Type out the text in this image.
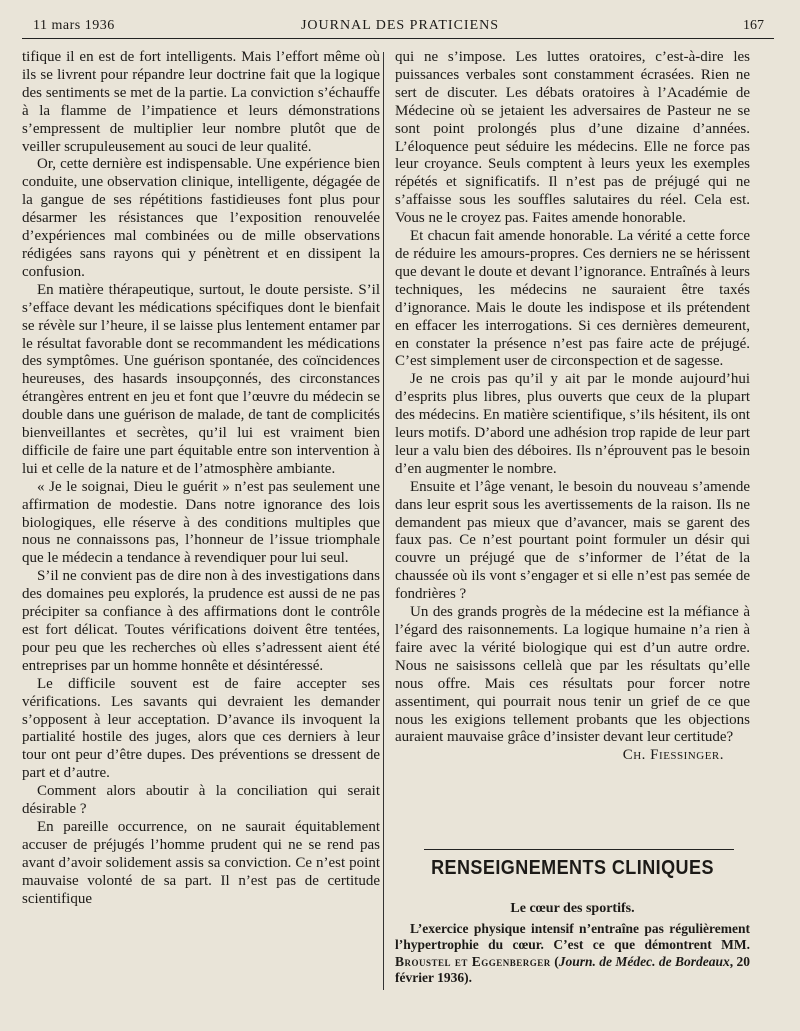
11 mars 1936	JOURNAL DES PRATICIENS	167

tifique il en est de fort intelligents. Mais l’effort même où ils se livrent pour répandre leur doctrine fait que la logique des sentiments se met de la partie. La conviction s’échauffe à la flamme de l’impatience et leurs démonstrations s’empressent de multiplier leur nombre plutôt que de veiller scrupuleusement au souci de leur qualité.

Or, cette dernière est indispensable. Une expérience bien conduite, une observation clinique, intelligente, dégagée de la gangue de ses répétitions fastidieuses font plus pour désarmer les résistances que l’exposition renouvelée d’expériences mal combinées ou de mille observations rédigées sans rayons qui y pénètrent et en dissipent la confusion.

En matière thérapeutique, surtout, le doute persiste. S’il s’efface devant les médications spécifiques dont le bienfait se révèle sur l’heure, il se laisse plus lentement entamer par le résultat favorable dont se recommandent les médications des symptômes. Une guérison spontanée, des coïncidences heureuses, des hasards insoupçonnés, des circonstances étrangères entrent en jeu et font que l’œuvre du médecin se double dans une guérison de malade, de tant de complicités bienveillantes et secrètes, qu’il lui est vraiment bien difficile de faire une part équitable entre son intervention à lui et celle de la nature et de l’atmosphère ambiante.

« Je le soignai, Dieu le guérit » n’est pas seulement une affirmation de modestie. Dans notre ignorance des lois biologiques, elle réserve à des conditions multiples que nous ne connaissons pas, l’honneur de l’issue triomphale que le médecin a tendance à revendiquer pour lui seul.

S’il ne convient pas de dire non à des investigations dans des domaines peu explorés, la prudence est aussi de ne pas précipiter sa confiance à des affirmations dont le contrôle est fort délicat. Toutes vérifications doivent être tentées, pour peu que les recherches où elles s’adressent aient été entreprises par un homme honnête et désintéressé.

Le difficile souvent est de faire accepter ses vérifications. Les savants qui devraient les demander s’opposent à leur acceptation. D’avance ils invoquent la partialité hostile des juges, alors que ces derniers à leur tour ont peur d’être dupes. Des préventions se dressent de part et d’autre.

Comment alors aboutir à la conciliation qui serait désirable ?

En pareille occurrence, on ne saurait équitablement accuser de préjugés l’homme prudent qui ne se rend pas avant d’avoir solidement assis sa conviction. Ce n’est point mauvaise volonté de sa part. Il n’est pas de certitude scientifique

qui ne s’impose. Les luttes oratoires, c’est-à-dire les puissances verbales sont constamment écrasées. Rien ne sert de discuter. Les débats oratoires à l’Académie de Médecine où se jetaient les adversaires de Pasteur ne se sont point prolongés plus d’une dizaine d’années. L’éloquence peut séduire les médecins. Elle ne force pas leur croyance. Seuls comptent à leurs yeux les exemples répétés et significatifs. Il n’est pas de préjugé qui ne s’affaisse sous les souffles salutaires du réel. Cela est. Vous ne le croyez pas. Faites amende honorable.

Et chacun fait amende honorable. La vérité a cette force de réduire les amours-propres. Ces derniers ne se hérissent que devant le doute et devant l’ignorance. Entraînés à leurs techniques, les médecins ne sauraient être taxés d’ignorance. Mais le doute les indispose et ils prétendent en effacer les interrogations. Si ces dernières demeurent, en constater la présence n’est pas faire acte de préjugé. C’est simplement user de circonspection et de sagesse.

Je ne crois pas qu’il y ait par le monde aujourd’hui d’esprits plus libres, plus ouverts que ceux de la plupart des médecins. En matière scientifique, s’ils hésitent, ils ont leurs motifs. D’abord une adhésion trop rapide de leur part leur a valu bien des déboires. Ils n’éprouvent pas le besoin d’en augmenter le nombre.

Ensuite et l’âge venant, le besoin du nouveau s’amende dans leur esprit sous les avertissements de la raison. Ils ne demandent pas mieux que d’avancer, mais se garent des faux pas. Ce n’est pourtant point formuler un désir qui couvre un préjugé que de s’informer de l’état de la chaussée où ils vont s’engager et si elle n’est pas semée de fondrières ?

Un des grands progrès de la médecine est la méfiance à l’égard des raisonnements. La logique humaine n’a rien à faire avec la vérité biologique qui est d’un autre ordre. Nous ne saisissons cellelà que par les résultats qu’elle nous offre. Mais ces résultats pour forcer notre assentiment, qui pourrait nous tenir un grief de ce que nous les exigions tellement probants que les objections auraient mauvaise grâce d’insister devant leur certitude?

Ch. Fiessinger.

RENSEIGNEMENTS CLINIQUES
Le cœur des sportifs.

L’exercice physique intensif n’entraîne pas régulièrement l’hypertrophie du cœur. C’est ce que démontrent MM. Broustel et Eggenberger (Journ. de Médec. de Bordeaux, 20 février 1936).
